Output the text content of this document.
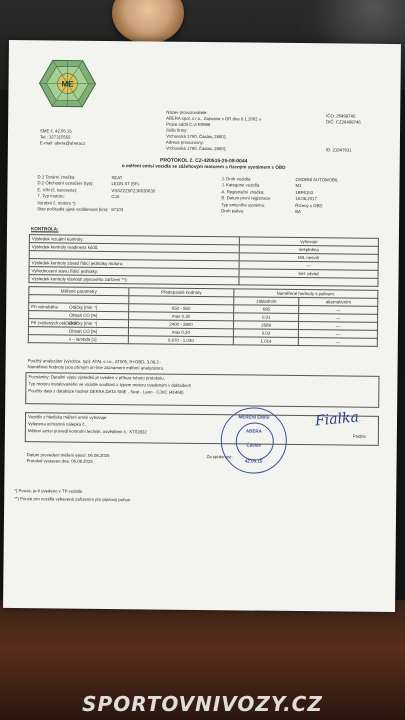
ME
SME č. 42.05.15
Tel.: 327315555
E-mail: abera@aheracz
Název provozovatele:
ABERA spol. s r.o., Zapsána v OR dne 8.1.2002 v
Praze oddíl C,vl.R0988
Sídlo firmy:
Vrchovská 1760, Čáslav, 28601
Adresa provozovny:
Vrchovská 1760, Čáslav, 28601
IČO: 26498745
DIČ: CZ26498745
ID: 21847631
PROTOKOL č. CZ-420515-25-08-0044
o měření emisí vozidla se zážehovým motorem s řízeným systémem s OBD
D.1 Tovární značka:	SEAT
D.2 Obchodní označení (typ):	LEON ST (5F)
E. VIN (č. karoserie):	VSSZZZ5FZJR030630
7. Typ motoru:	CJX
Výrobní č. motoru *):
Stav počítadla ujeté vzdálenosti (km): 87103
J. Druh vozidla:	OSOBNÍ AUTOMOBIL
J. Kategorie vozidla:	M1
A. Registrační značka:	1BP6153
B. Datum první registrace:	16.08.2017
Typ emisního systému:	Řízený s OBD
Druh paliva:	BA
KONTROLA:
Výsledek vizuální kontroly:	vyhovuje
Výsledek kontroly readiness kódů:	nesplněno
	MIL nesvítí
Výsledek kontroly závad řídicí jednotky motoru:	---
Vyhodnocení stavu řídicí jednotky:	bez závad
Výsledek kontroly těsnosti plynového zařízení **):	
Měřené parametry	Předepsané hodnoty	Naměřené hodnoty s palivem:	
		základním	alternativním
Při volnoběhu Otáčky [min⁻¹]	650 - 850	695	---
Obsah CO [%]	max 0.30	0.01	---
Při zvýšených otáčkáchOtáčky [min⁻¹]	2400 - 2800	2589	---
Obsah CO [%]	max 0.20	0.02	---
λ – lambda [1]	0.970 - 1.030	1.014	---
Použitý analyzátor (výrobce, typ): ATAL s.r.o., AT505, R+OBD, 3.08.3 -
Naměřené hodnoty jsou přímým on-line záznamem měření analyzátoru.
Poznámky: Detailní výpis výsledků je uveden v příloze tohoto protokolu.
Typ motoru instalovaného ve vozidle souhlasí s typem motoru uvedeným v dokladech
Použity data z databáze hodnot DEKRA DATA SME - Seat - Leon - CJXC (41468)
Vozidlo z hlediska měření emisí vyhovuje
Vylepena ochranná nálepka č.
Měření emisí provedl kontrolní technik, osvědčení č.: KT02832
Datum provedení měření emisí: 06.08.2025
Protokol vystaven dne: 06.08.2025
Za správnost:
Fialka
Podpis
MĚŘENÍ EMISÍ
ABERA
Čáslav
42.05.15
*) Pouze, je-li uvedeno v TP vozidla
**) Pouze pro vozidla vybavená zařízením pro plynový pohon
SPORTOVNIVOZY.CZ
